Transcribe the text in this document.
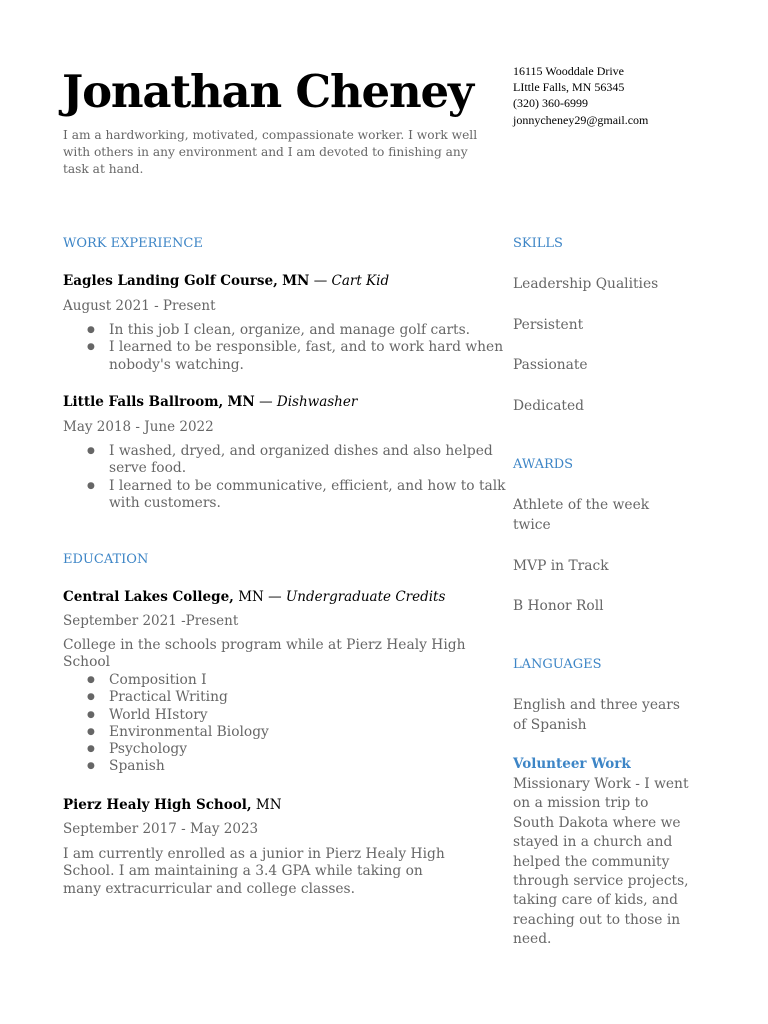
Jonathan Cheney

I am a hardworking, motivated, compassionate worker. I work well with others in any environment and I am devoted to finishing any task at hand.

16115 Wooddale Drive
LIttle Falls, MN 56345
(320) 360-6999
jonnycheney29@gmail.com
WORK EXPERIENCE

Eagles Landing Golf Course, MN — Cart Kid

August 2021 - Present

● In this job I clean, organize, and manage golf carts.
● I learned to be responsible, fast, and to work hard when nobody's watching.

Little Falls Ballroom, MN — Dishwasher

May 2018 - June 2022

● I washed, dryed, and organized dishes and also helped serve food.
● I learned to be communicative, efficient, and how to talk with customers.
EDUCATION

Central Lakes College, MN — Undergraduate Credits

September 2021 -Present

College in the schools program while at Pierz Healy High School

● Composition I
● Practical Writing
● World HIstory
● Environmental Biology
● Psychology
● Spanish

Pierz Healy High School, MN

September 2017 - May 2023

I am currently enrolled as a junior in Pierz Healy High School. I am maintaining a 3.4 GPA while taking on many extracurricular and college classes.

SKILLS

Leadership Qualities

Persistent

Passionate

Dedicated

AWARDS

Athlete of the week twice

MVP in Track

B Honor Roll

LANGUAGES

English and three years of Spanish

Volunteer Work

Missionary Work - I went on a mission trip to South Dakota where we stayed in a church and helped the community through service projects, taking care of kids, and reaching out to those in need.
